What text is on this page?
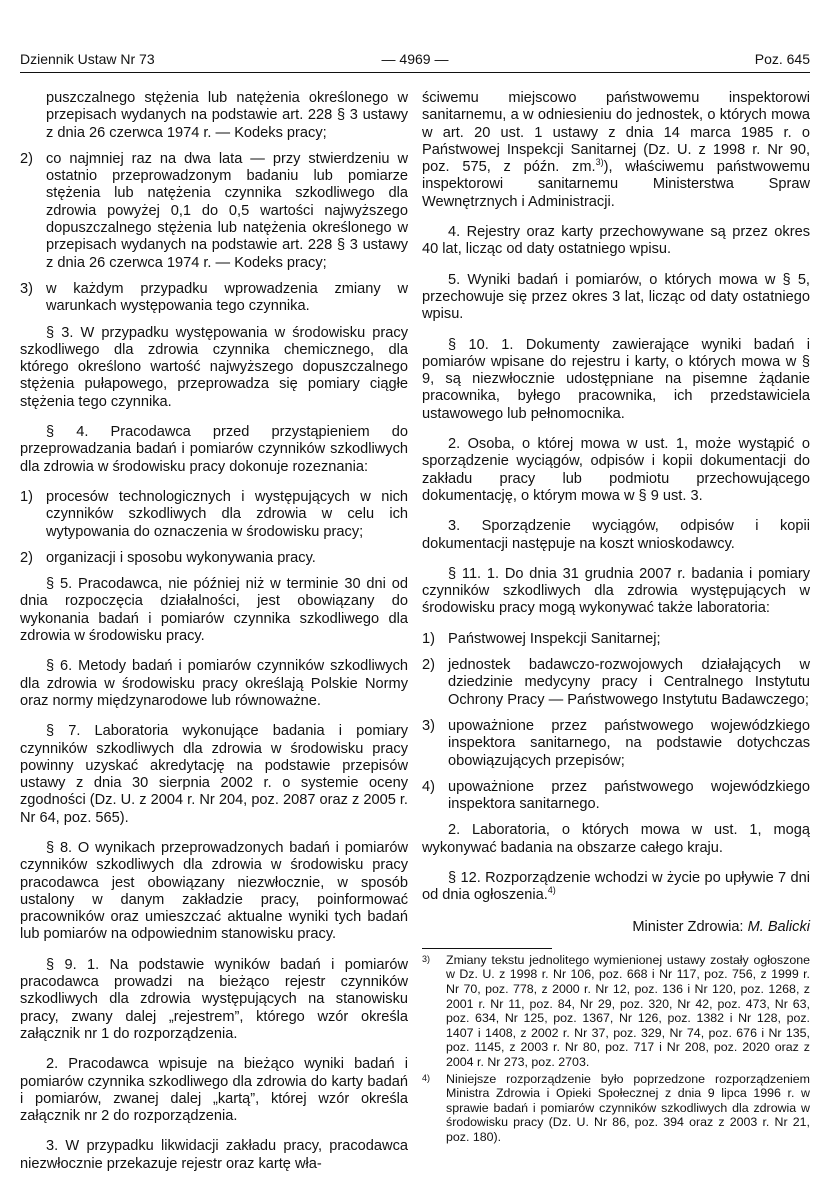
Dziennik Ustaw Nr 73	— 4969 —	Poz. 645
puszczalnego stężenia lub natężenia określonego w przepisach wydanych na podstawie art. 228 § 3 ustawy z dnia 26 czerwca 1974 r. — Kodeks pracy;
2) co najmniej raz na dwa lata — przy stwierdzeniu w ostatnio przeprowadzonym badaniu lub pomiarze stężenia lub natężenia czynnika szkodliwego dla zdrowia powyżej 0,1 do 0,5 wartości najwyższego dopuszczalnego stężenia lub natężenia określonego w przepisach wydanych na podstawie art. 228 § 3 ustawy z dnia 26 czerwca 1974 r. — Kodeks pracy;
3) w każdym przypadku wprowadzenia zmiany w warunkach występowania tego czynnika.

§ 3. W przypadku występowania w środowisku pracy szkodliwego dla zdrowia czynnika chemicznego, dla którego określono wartość najwyższego dopuszczalnego stężenia pułapowego, przeprowadza się pomiary ciągłe stężenia tego czynnika.

§ 4. Pracodawca przed przystąpieniem do przeprowadzania badań i pomiarów czynników szkodliwych dla zdrowia w środowisku pracy dokonuje rozeznania:

1) procesów technologicznych i występujących w nich czynników szkodliwych dla zdrowia w celu ich wytypowania do oznaczenia w środowisku pracy;
2) organizacji i sposobu wykonywania pracy.

§ 5. Pracodawca, nie później niż w terminie 30 dni od dnia rozpoczęcia działalności, jest obowiązany do wykonania badań i pomiarów czynnika szkodliwego dla zdrowia w środowisku pracy.

§ 6. Metody badań i pomiarów czynników szkodliwych dla zdrowia w środowisku pracy określają Polskie Normy oraz normy międzynarodowe lub równoważne.

§ 7. Laboratoria wykonujące badania i pomiary czynników szkodliwych dla zdrowia w środowisku pracy powinny uzyskać akredytację na podstawie przepisów ustawy z dnia 30 sierpnia 2002 r. o systemie oceny zgodności (Dz. U. z 2004 r. Nr 204, poz. 2087 oraz z 2005 r. Nr 64, poz. 565).

§ 8. O wynikach przeprowadzonych badań i pomiarów czynników szkodliwych dla zdrowia w środowisku pracy pracodawca jest obowiązany niezwłocznie, w sposób ustalony w danym zakładzie pracy, poinformować pracowników oraz umieszczać aktualne wyniki tych badań lub pomiarów na odpowiednim stanowisku pracy.

§ 9. 1. Na podstawie wyników badań i pomiarów pracodawca prowadzi na bieżąco rejestr czynników szkodliwych dla zdrowia występujących na stanowisku pracy, zwany dalej „rejestrem”, którego wzór określa załącznik nr 1 do rozporządzenia.

2. Pracodawca wpisuje na bieżąco wyniki badań i pomiarów czynnika szkodliwego dla zdrowia do karty badań i pomiarów, zwanej dalej „kartą”, której wzór określa załącznik nr 2 do rozporządzenia.

3. W przypadku likwidacji zakładu pracy, pracodawca niezwłocznie przekazuje rejestr oraz kartę wła-

ściwemu miejscowo państwowemu inspektorowi sanitarnemu, a w odniesieniu do jednostek, o których mowa w art. 20 ust. 1 ustawy z dnia 14 marca 1985 r. o Państwowej Inspekcji Sanitarnej (Dz. U. z 1998 r. Nr 90, poz. 575, z późn. zm.$^{3)}$), właściwemu państwowemu inspektorowi sanitarnemu Ministerstwa Spraw Wewnętrznych i Administracji.

4. Rejestry oraz karty przechowywane są przez okres 40 lat, licząc od daty ostatniego wpisu.

5. Wyniki badań i pomiarów, o których mowa w § 5, przechowuje się przez okres 3 lat, licząc od daty ostatniego wpisu.

§ 10. 1. Dokumenty zawierające wyniki badań i pomiarów wpisane do rejestru i karty, o których mowa w § 9, są niezwłocznie udostępniane na pisemne żądanie pracownika, byłego pracownika, ich przedstawiciela ustawowego lub pełnomocnika.

2. Osoba, o której mowa w ust. 1, może wystąpić o sporządzenie wyciągów, odpisów i kopii dokumentacji do zakładu pracy lub podmiotu przechowującego dokumentację, o którym mowa w § 9 ust. 3.

3. Sporządzenie wyciągów, odpisów i kopii dokumentacji następuje na koszt wnioskodawcy.

§ 11. 1. Do dnia 31 grudnia 2007 r. badania i pomiary czynników szkodliwych dla zdrowia występujących w środowisku pracy mogą wykonywać także laboratoria:

1) Państwowej Inspekcji Sanitarnej;
2) jednostek badawczo-rozwojowych działających w dziedzinie medycyny pracy i Centralnego Instytutu Ochrony Pracy — Państwowego Instytutu Badawczego;
3) upoważnione przez państwowego wojewódzkiego inspektora sanitarnego, na podstawie dotychczas obowiązujących przepisów;
4) upoważnione przez państwowego wojewódzkiego inspektora sanitarnego.

2. Laboratoria, o których mowa w ust. 1, mogą wykonywać badania na obszarze całego kraju.

§ 12. Rozporządzenie wchodzi w życie po upływie 7 dni od dnia ogłoszenia.$^{4)}$

Minister Zdrowia: M. Balicki
3)	Zmiany tekstu jednolitego wymienionej ustawy zostały ogłoszone w Dz. U. z 1998 r. Nr 106, poz. 668 i Nr 117, poz. 756, z 1999 r. Nr 70, poz. 778, z 2000 r. Nr 12, poz. 136 i Nr 120, poz. 1268, z 2001 r. Nr 11, poz. 84, Nr 29, poz. 320, Nr 42, poz. 473, Nr 63, poz. 634, Nr 125, poz. 1367, Nr 126, poz. 1382 i Nr 128, poz. 1407 i 1408, z 2002 r. Nr 37, poz. 329, Nr 74, poz. 676 i Nr 135, poz. 1145, z 2003 r. Nr 80, poz. 717 i Nr 208, poz. 2020 oraz z 2004 r. Nr 273, poz. 2703.
4)	Niniejsze rozporządzenie było poprzedzone rozporządzeniem Ministra Zdrowia i Opieki Społecznej z dnia 9 lipca 1996 r. w sprawie badań i pomiarów czynników szkodliwych dla zdrowia w środowisku pracy (Dz. U. Nr 86, poz. 394 oraz z 2003 r. Nr 21, poz. 180).
